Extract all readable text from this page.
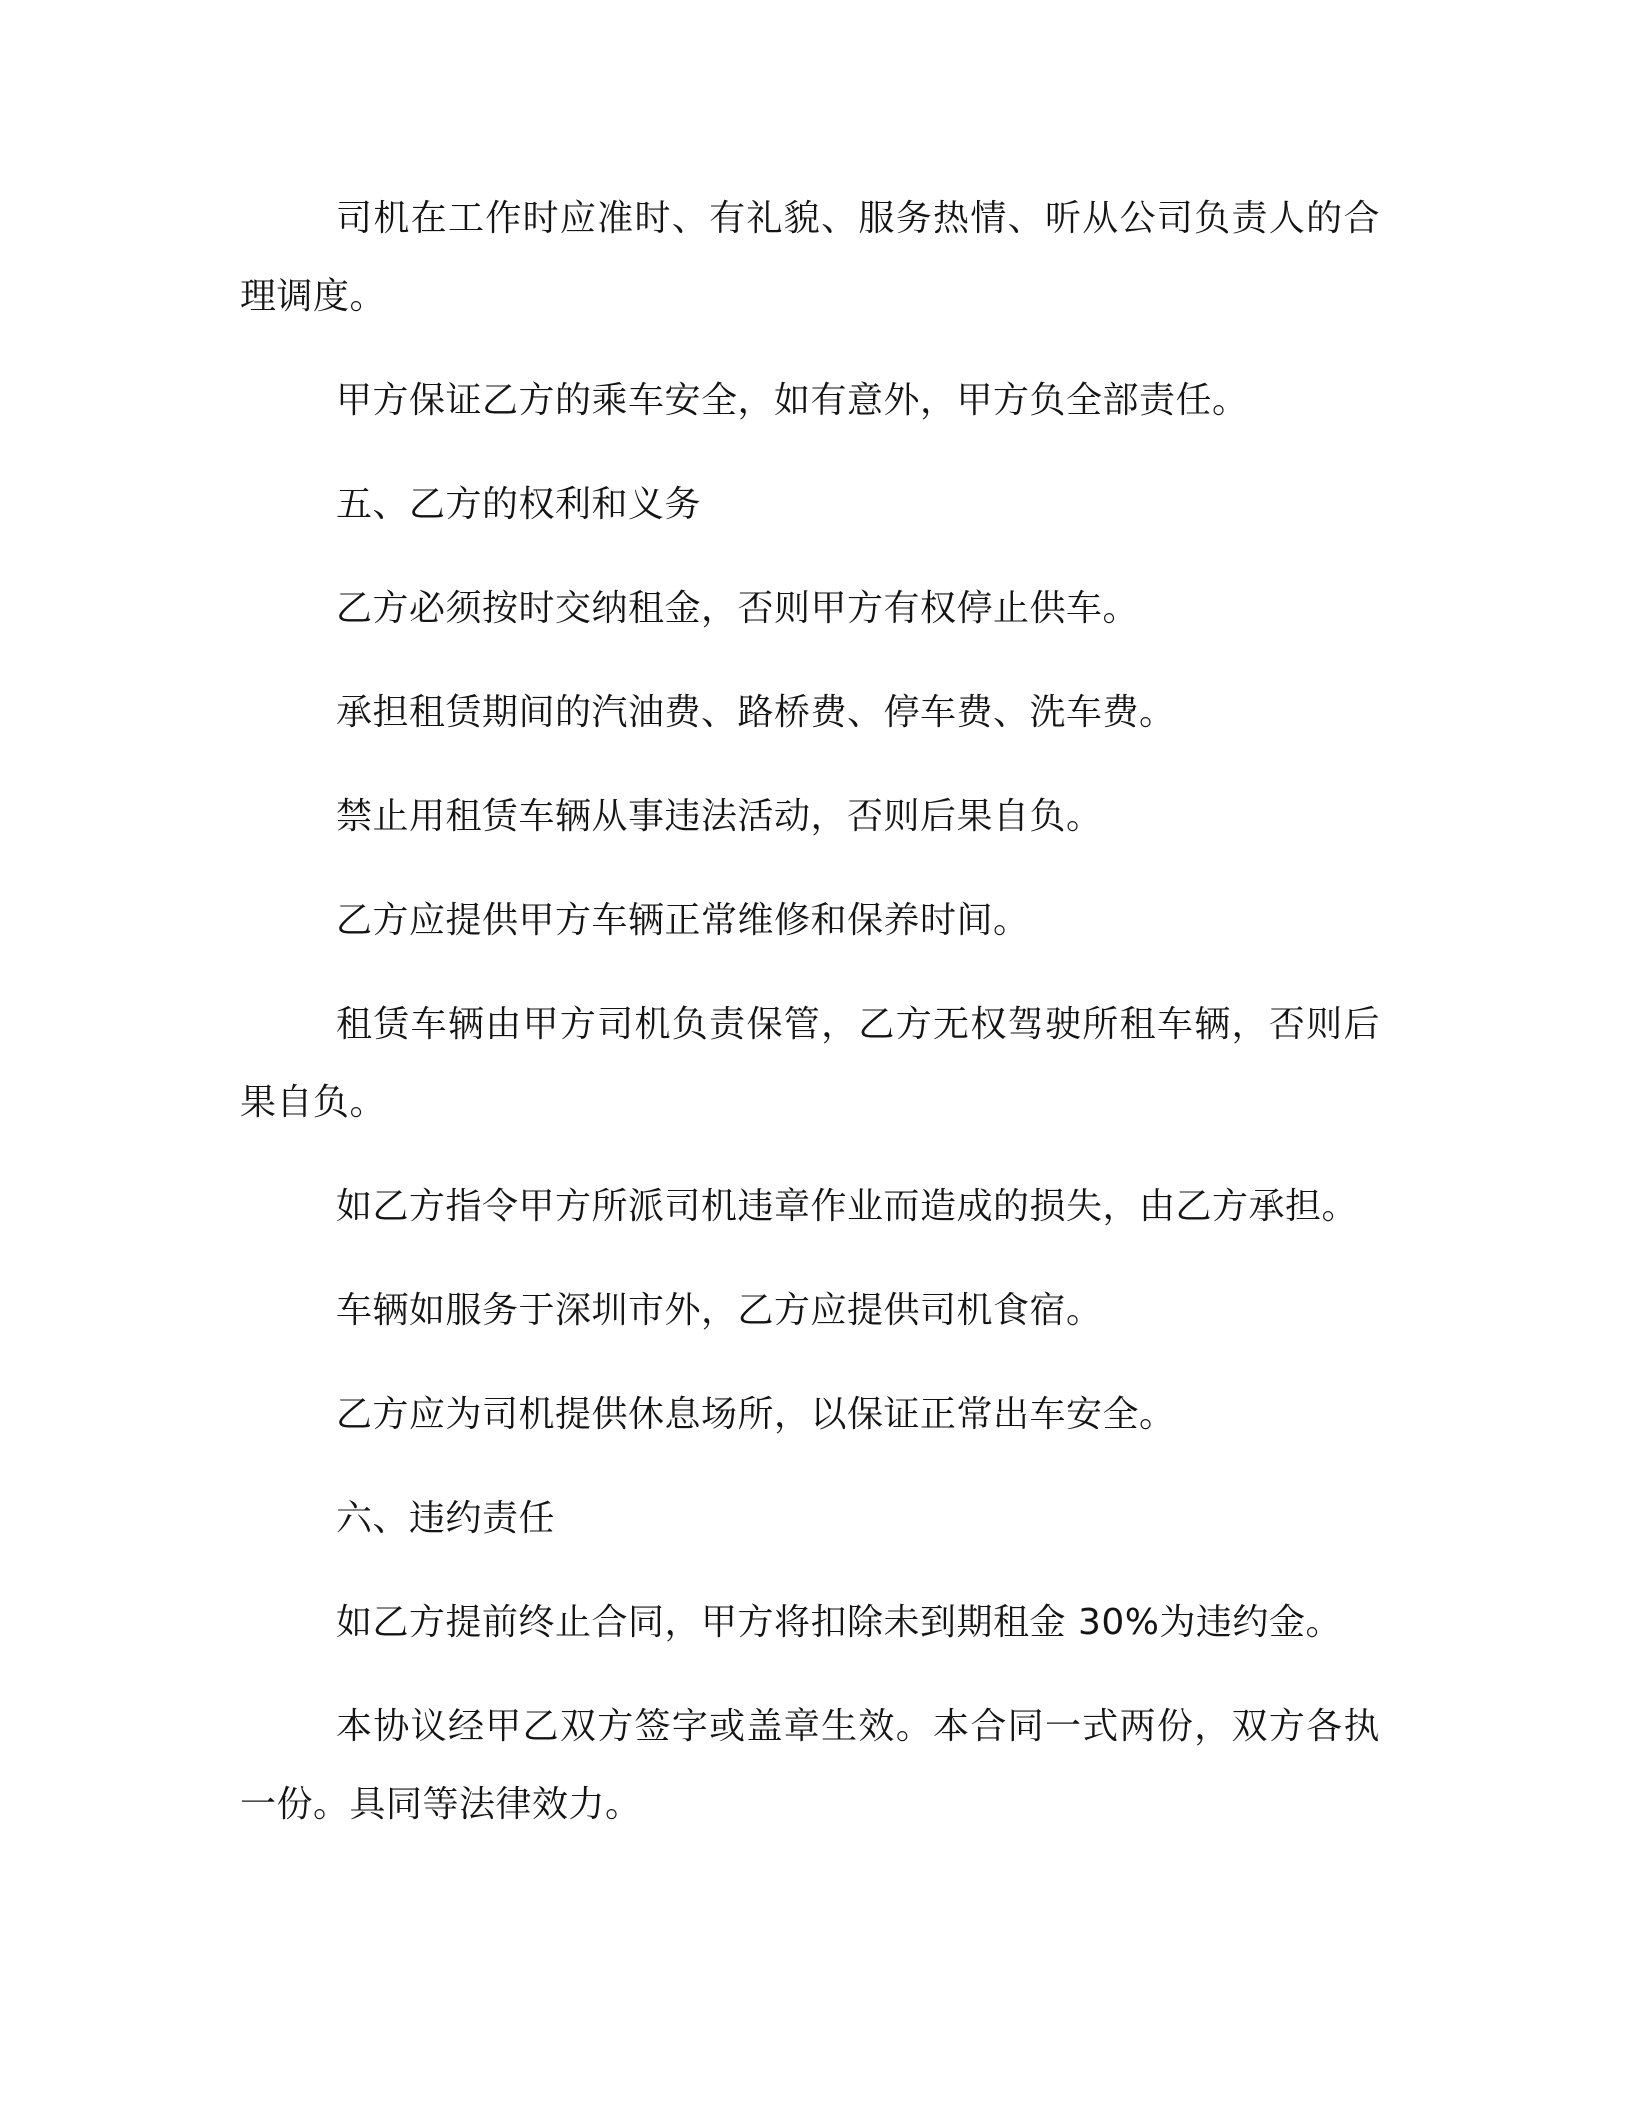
司机在工作时应准时、有礼貌、服务热情、听从公司负责人的合理调度。

甲方保证乙方的乘车安全，如有意外，甲方负全部责任。

五、乙方的权利和义务

乙方必须按时交纳租金，否则甲方有权停止供车。

承担租赁期间的汽油费、路桥费、停车费、洗车费。

禁止用租赁车辆从事违法活动，否则后果自负。

乙方应提供甲方车辆正常维修和保养时间。

租赁车辆由甲方司机负责保管，乙方无权驾驶所租车辆，否则后果自负。

如乙方指令甲方所派司机违章作业而造成的损失，由乙方承担。

车辆如服务于深圳市外，乙方应提供司机食宿。

乙方应为司机提供休息场所，以保证正常出车安全。

六、违约责任

如乙方提前终止合同，甲方将扣除未到期租金 30%为违约金。

本协议经甲乙双方签字或盖章生效。本合同一式两份，双方各执一份。具同等法律效力。
